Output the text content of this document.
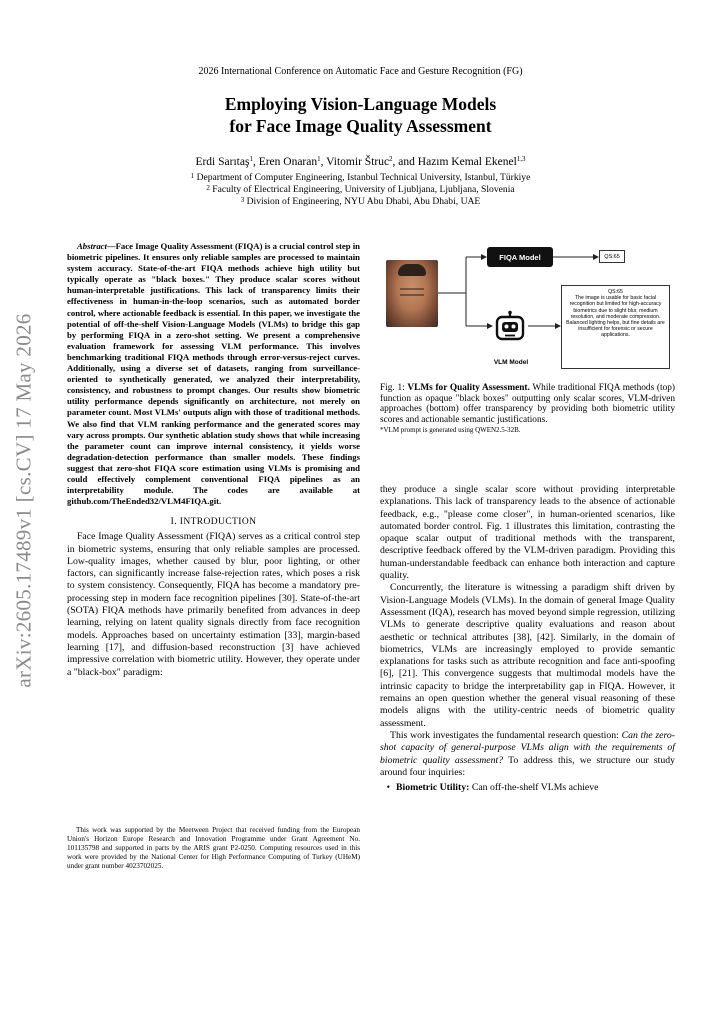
arXiv:2605.17489v1 [cs.CV] 17 May 2026
2026 International Conference on Automatic Face and Gesture Recognition (FG)
Employing Vision-Language Models
for Face Image Quality Assessment
Erdi Sarıtaş$^1$, Eren Onaran$^1$, Vitomir Štruc$^2$, and Hazım Kemal Ekenel$^{1,3}$
$^1$ Department of Computer Engineering, Istanbul Technical University, Istanbul, Türkiye
$^2$ Faculty of Electrical Engineering, University of Ljubljana, Ljubljana, Slovenia
$^3$ Division of Engineering, NYU Abu Dhabi, Abu Dhabi, UAE

Abstract—Face Image Quality Assessment (FIQA) is a crucial control step in biometric pipelines. It ensures only reliable samples are processed to maintain system accuracy. State-of-the-art FIQA methods achieve high utility but typically operate as "black boxes." They produce scalar scores without human-interpretable justifications. This lack of transparency limits their effectiveness in human-in-the-loop scenarios, such as automated border control, where actionable feedback is essential. In this paper, we investigate the potential of off-the-shelf Vision-Language Models (VLMs) to bridge this gap by performing FIQA in a zero-shot setting. We present a comprehensive evaluation framework for assessing VLM performance. This involves benchmarking traditional FIQA methods through error-versus-reject curves. Additionally, using a diverse set of datasets, ranging from surveillance-oriented to synthetically generated, we analyzed their interpretability, consistency, and robustness to prompt changes. Our results show biometric utility performance depends significantly on architecture, not merely on parameter count. Most VLMs' outputs align with those of traditional methods. We also find that VLM ranking performance and the generated scores may vary across prompts. Our synthetic ablation study shows that while increasing the parameter count can improve internal consistency, it yields worse degradation-detection performance than smaller models. These findings suggest that zero-shot FIQA score estimation using VLMs is promising and could effectively complement conventional FIQA pipelines as an interpretability module. The codes are available at github.com/TheEnded32/VLM4FIQA.git.

I. INTRODUCTION

Face Image Quality Assessment (FIQA) serves as a critical control step in biometric systems, ensuring that only reliable samples are processed. Low-quality images, whether caused by blur, poor lighting, or other factors, can significantly increase false-rejection rates, which poses a risk to system consistency. Consequently, FIQA has become a mandatory pre-processing step in modern face recognition pipelines [30]. State-of-the-art (SOTA) FIQA methods have primarily benefited from advances in deep learning, relying on latent quality signals directly from face recognition models. Approaches based on uncertainty estimation [33], margin-based learning [17], and diffusion-based reconstruction [3] have achieved impressive correlation with biometric utility. However, they operate under a "black-box" paradigm:

This work was supported by the Meetween Project that received funding from the European Union's Horizon Europe Research and Innovation Programme under Grant Agreement No. 101135798 and supported in parts by the ARIS grant P2-0250. Computing resources used in this work were provided by the National Center for High Performance Computing of Turkey (UHeM) under grant number 4023702025.

FIQA Model	QS:65
VLM Model
QS:65
The image is usable for basic facial recognition but limited for high-accuracy biometrics due to slight blur, medium resolution, and moderate compression. Balanced lighting helps, but fine details are insufficient for forensic or secure applications.

Fig. 1: VLMs for Quality Assessment. While traditional FIQA methods (top) function as opaque "black boxes" outputting only scalar scores, VLM-driven approaches (bottom) offer transparency by providing both biometric utility scores and actionable semantic justifications.

*VLM prompt is generated using QWEN2.5-32B.

they produce a single scalar score without providing interpretable explanations. This lack of transparency leads to the absence of actionable feedback, e.g., "please come closer", in human-oriented scenarios, like automated border control. Fig. 1 illustrates this limitation, contrasting the opaque scalar output of traditional methods with the transparent, descriptive feedback offered by the VLM-driven paradigm. Providing this human-understandable feedback can enhance both interaction and capture quality.

Concurrently, the literature is witnessing a paradigm shift driven by Vision-Language Models (VLMs). In the domain of general Image Quality Assessment (IQA), research has moved beyond simple regression, utilizing VLMs to generate descriptive quality evaluations and reason about aesthetic or technical attributes [38], [42]. Similarly, in the domain of biometrics, VLMs are increasingly employed to provide semantic explanations for tasks such as attribute recognition and face anti-spoofing [6], [21]. This convergence suggests that multimodal models have the intrinsic capacity to bridge the interpretability gap in FIQA. However, it remains an open question whether the general visual reasoning of these models aligns with the utility-centric needs of biometric quality assessment.

This work investigates the fundamental research question: Can the zero-shot capacity of general-purpose VLMs align with the requirements of biometric quality assessment? To address this, we structure our study around four inquiries:

• Biometric Utility: Can off-the-shelf VLMs achieve
